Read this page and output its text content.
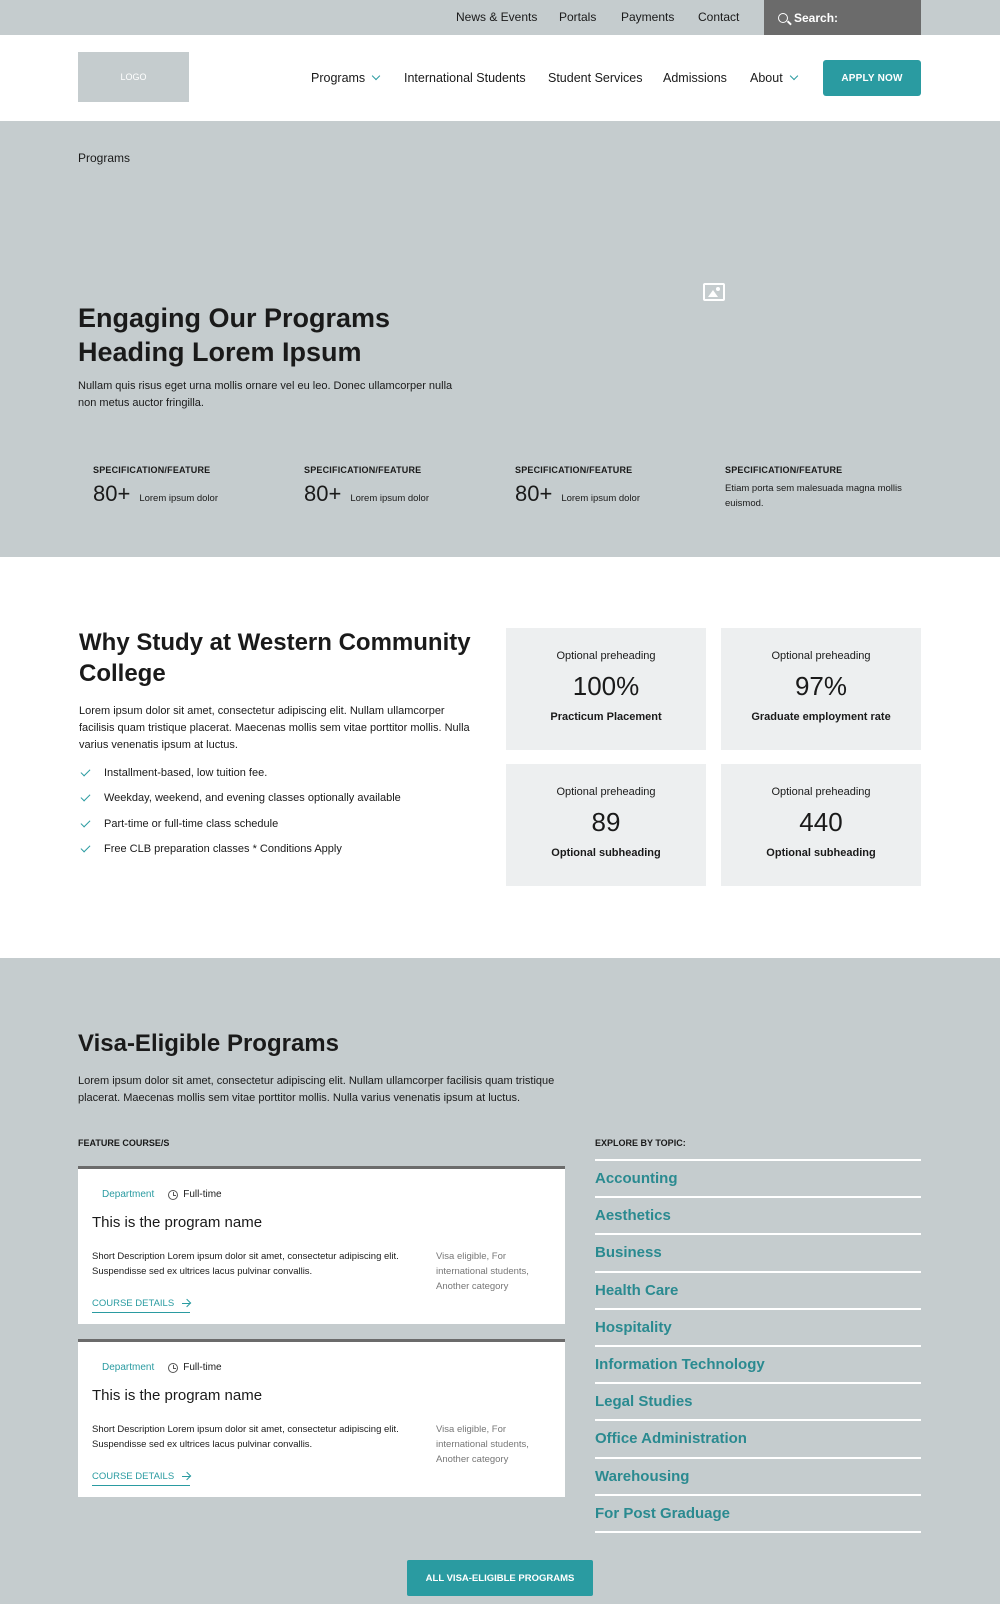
News & Events Portals Payments Contact	Search:
LOGO	Programs	International Students Student Services Admissions About	APPLY NOW
Programs
Engaging Our Programs Heading Lorem Ipsum

Nullam quis risus eget urna mollis ornare vel eu leo. Donec ullamcorper nulla non metus auctor fringilla.

SPECIFICATION/FEATURE
80+ Lorem ipsum dolor
SPECIFICATION/FEATURE
80+ Lorem ipsum dolor
SPECIFICATION/FEATURE
80+ Lorem ipsum dolor
SPECIFICATION/FEATURE
Etiam porta sem malesuada magna mollis euismod.
Why Study at Western Community College

Lorem ipsum dolor sit amet, consectetur adipiscing elit. Nullam ullamcorper facilisis quam tristique placerat. Maecenas mollis sem vitae porttitor mollis. Nulla varius venenatis ipsum at luctus.

Installment-based, low tuition fee.
Weekday, weekend, and evening classes optionally available
Part-time or full-time class schedule
Free CLB preparation classes * Conditions Apply
Optional preheading
100%
Practicum Placement
Optional preheading
97%
Graduate employment rate
Optional preheading
89
Optional subheading
Optional preheading
440
Optional subheading
Visa-Eligible Programs

Lorem ipsum dolor sit amet, consectetur adipiscing elit. Nullam ullamcorper facilisis quam tristique placerat. Maecenas mollis sem vitae porttitor mollis. Nulla varius venenatis ipsum at luctus.

FEATURE COURSE/S	EXPLORE BY TOPIC:
Department	Full-time
This is the program name
Short Description Lorem ipsum dolor sit amet, consectetur adipiscing elit. Suspendisse sed ex ultrices lacus pulvinar convallis.
Visa eligible, For international students, Another category
COURSE DETAILS
Department	Full-time
This is the program name
Short Description Lorem ipsum dolor sit amet, consectetur adipiscing elit. Suspendisse sed ex ultrices lacus pulvinar convallis.
Visa eligible, For international students, Another category
COURSE DETAILS
Accounting
Aesthetics
Business
Health Care
Hospitality
Information Technology
Legal Studies
Office Administration
Warehousing
For Post Graduage
ALL VISA-ELIGIBLE PROGRAMS
